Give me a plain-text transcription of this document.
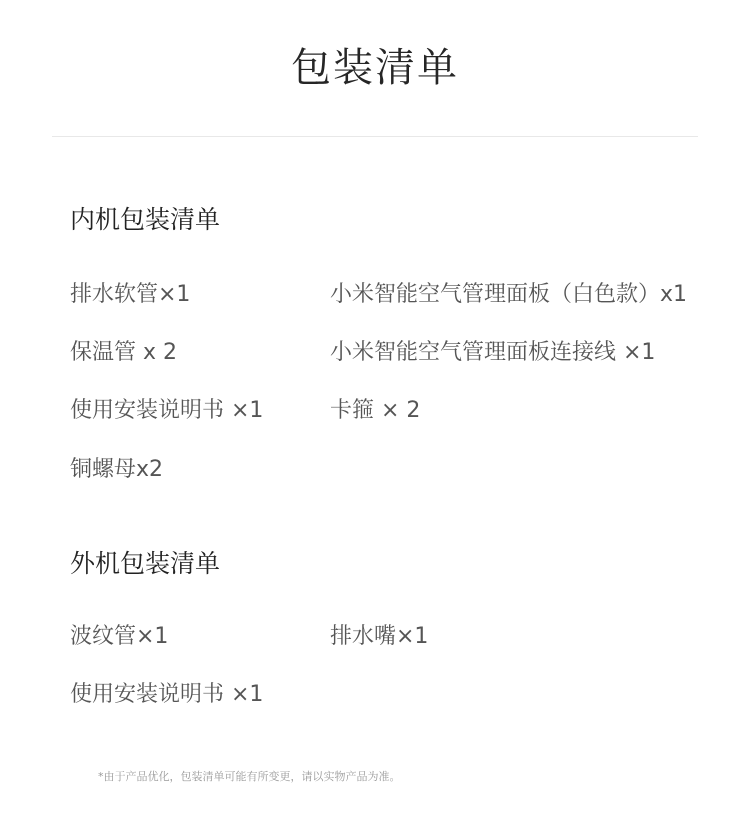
包装清单
内机包装清单
排水软管×1	小米智能空气管理面板（白色款）x1
保温管 x 2	小米智能空气管理面板连接线 ×1
使用安装说明书 ×1	卡箍 × 2
铜螺母x2
外机包装清单
波纹管×1	排水嘴×1
使用安装说明书 ×1
*由于产品优化，包装清单可能有所变更，请以实物产品为准。
